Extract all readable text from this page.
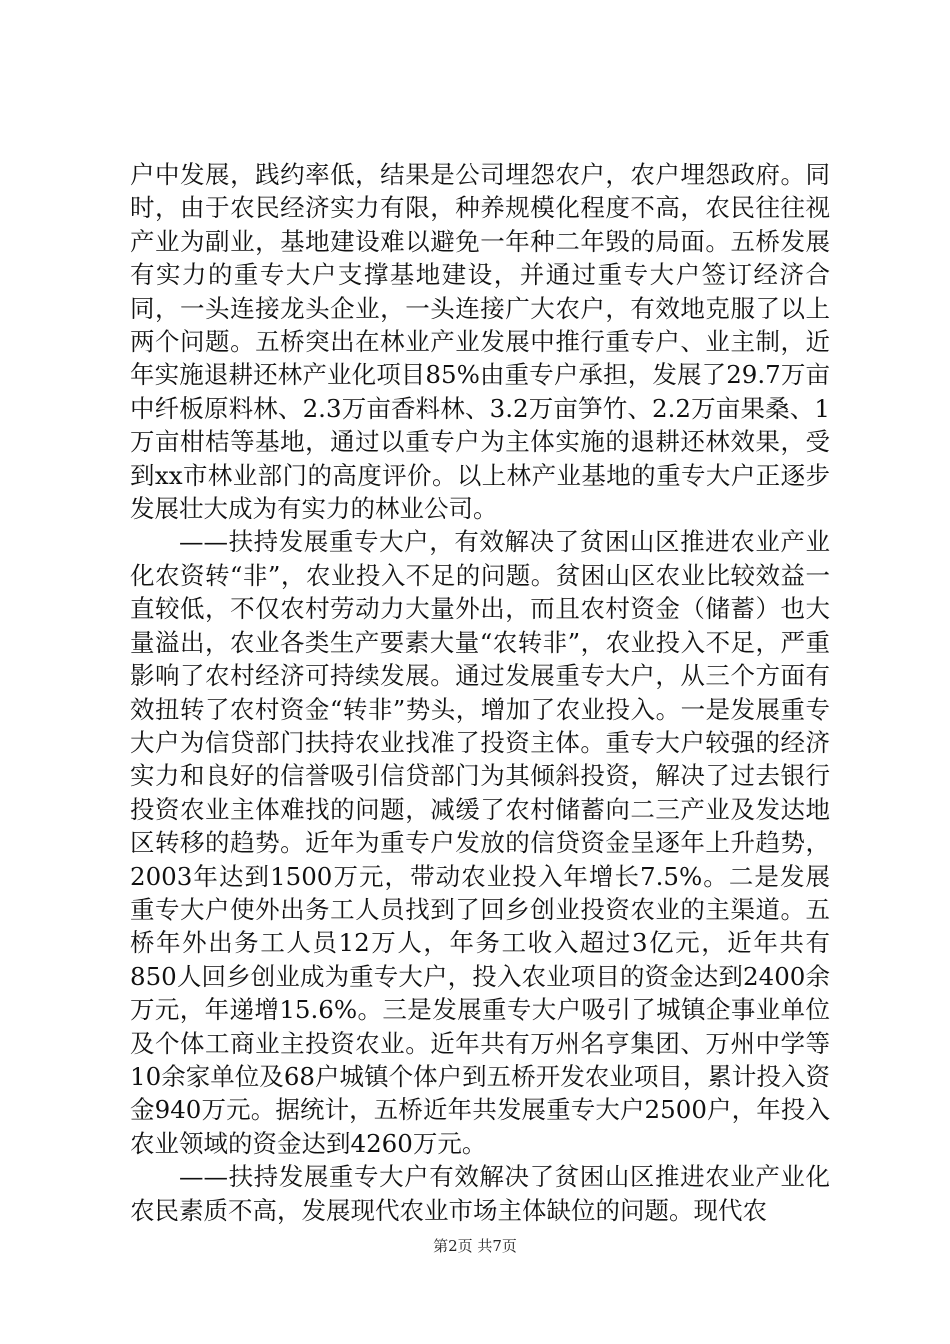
户中发展，践约率低，结果是公司埋怨农户，农户埋怨政府。同时，由于农民经济实力有限，种养规模化程度不高，农民往往视产业为副业，基地建设难以避免一年种二年毁的局面。五桥发展有实力的重专大户支撑基地建设，并通过重专大户签订经济合同，一头连接龙头企业，一头连接广大农户，有效地克服了以上两个问题。五桥突出在林业产业发展中推行重专户、业主制，近年实施退耕还林产业化项目85%由重专户承担，发展了29.7万亩中纤板原料林、2.3万亩香料林、3.2万亩笋竹、2.2万亩果桑、1万亩柑桔等基地，通过以重专户为主体实施的退耕还林效果，受到xx市林业部门的高度评价。以上林产业基地的重专大户正逐步发展壮大成为有实力的林业公司。

——扶持发展重专大户，有效解决了贫困山区推进农业产业化农资转“非”，农业投入不足的问题。贫困山区农业比较效益一直较低，不仅农村劳动力大量外出，而且农村资金（储蓄）也大量溢出，农业各类生产要素大量“农转非”，农业投入不足，严重影响了农村经济可持续发展。通过发展重专大户，从三个方面有效扭转了农村资金“转非”势头，增加了农业投入。一是发展重专大户为信贷部门扶持农业找准了投资主体。重专大户较强的经济实力和良好的信誉吸引信贷部门为其倾斜投资，解决了过去银行投资农业主体难找的问题，减缓了农村储蓄向二三产业及发达地区转移的趋势。近年为重专户发放的信贷资金呈逐年上升趋势，2003年达到1500万元，带动农业投入年增长7.5%。二是发展重专大户使外出务工人员找到了回乡创业投资农业的主渠道。五桥年外出务工人员12万人，年务工收入超过3亿元，近年共有850人回乡创业成为重专大户，投入农业项目的资金达到2400余万元，年递增15.6%。三是发展重专大户吸引了城镇企事业单位及个体工商业主投资农业。近年共有万州名亨集团、万州中学等10余家单位及68户城镇个体户到五桥开发农业项目，累计投入资金940万元。据统计，五桥近年共发展重专大户2500户，年投入农业领域的资金达到4260万元。

——扶持发展重专大户有效解决了贫困山区推进农业产业化农民素质不高，发展现代农业市场主体缺位的问题。现代农

第2页 共7页
